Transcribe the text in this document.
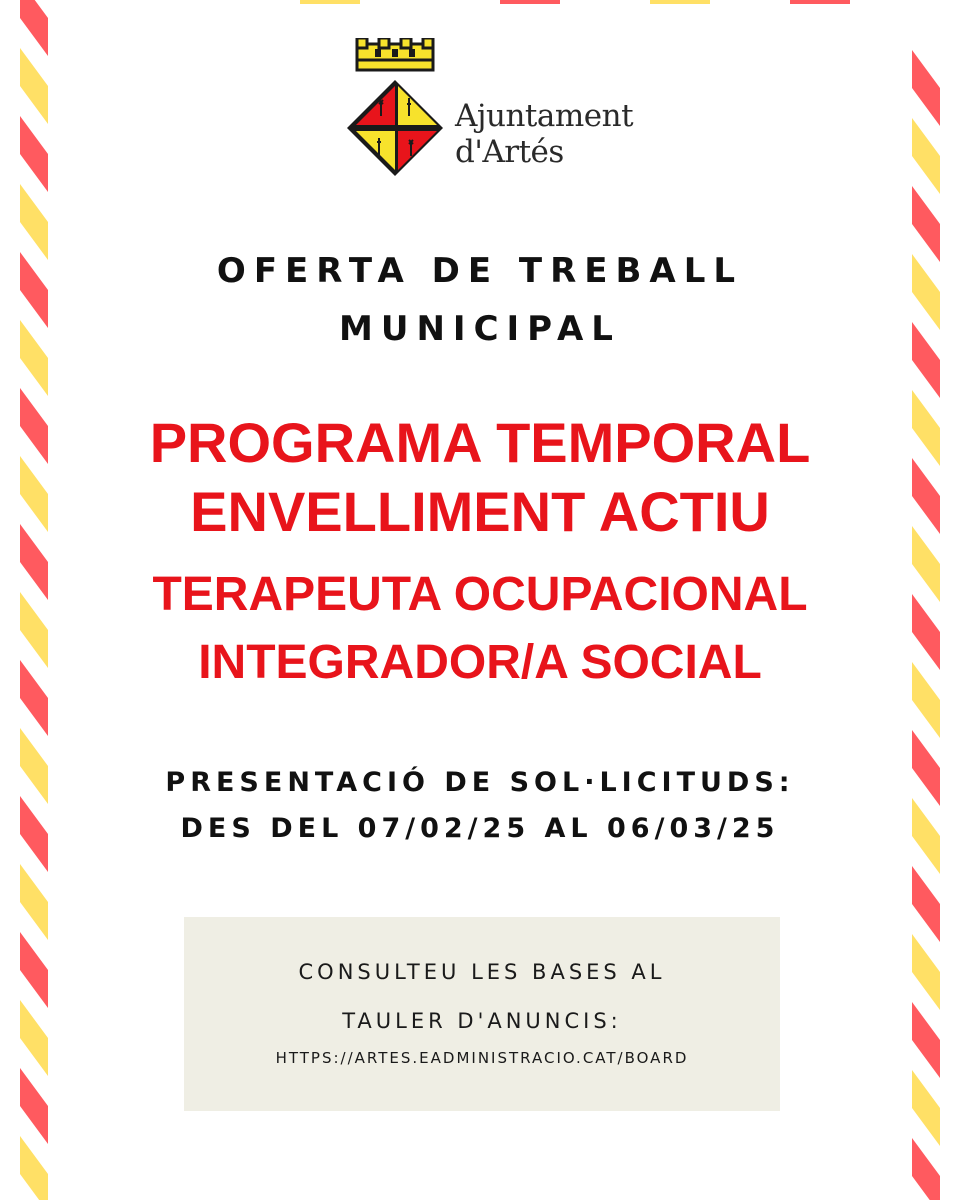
Ajuntament
d'Artés
OFERTA DE TREBALL
MUNICIPAL
PROGRAMA TEMPORAL
ENVELLIMENT ACTIU
TERAPEUTA OCUPACIONAL
INTEGRADOR/A SOCIAL
PRESENTACIÓ DE SOL·LICITUDS:
DES DEL 07/02/25 AL 06/03/25
CONSULTEU LES BASES AL
TAULER D'ANUNCIS:
HTTPS://ARTES.EADMINISTRACIO.CAT/BOARD
